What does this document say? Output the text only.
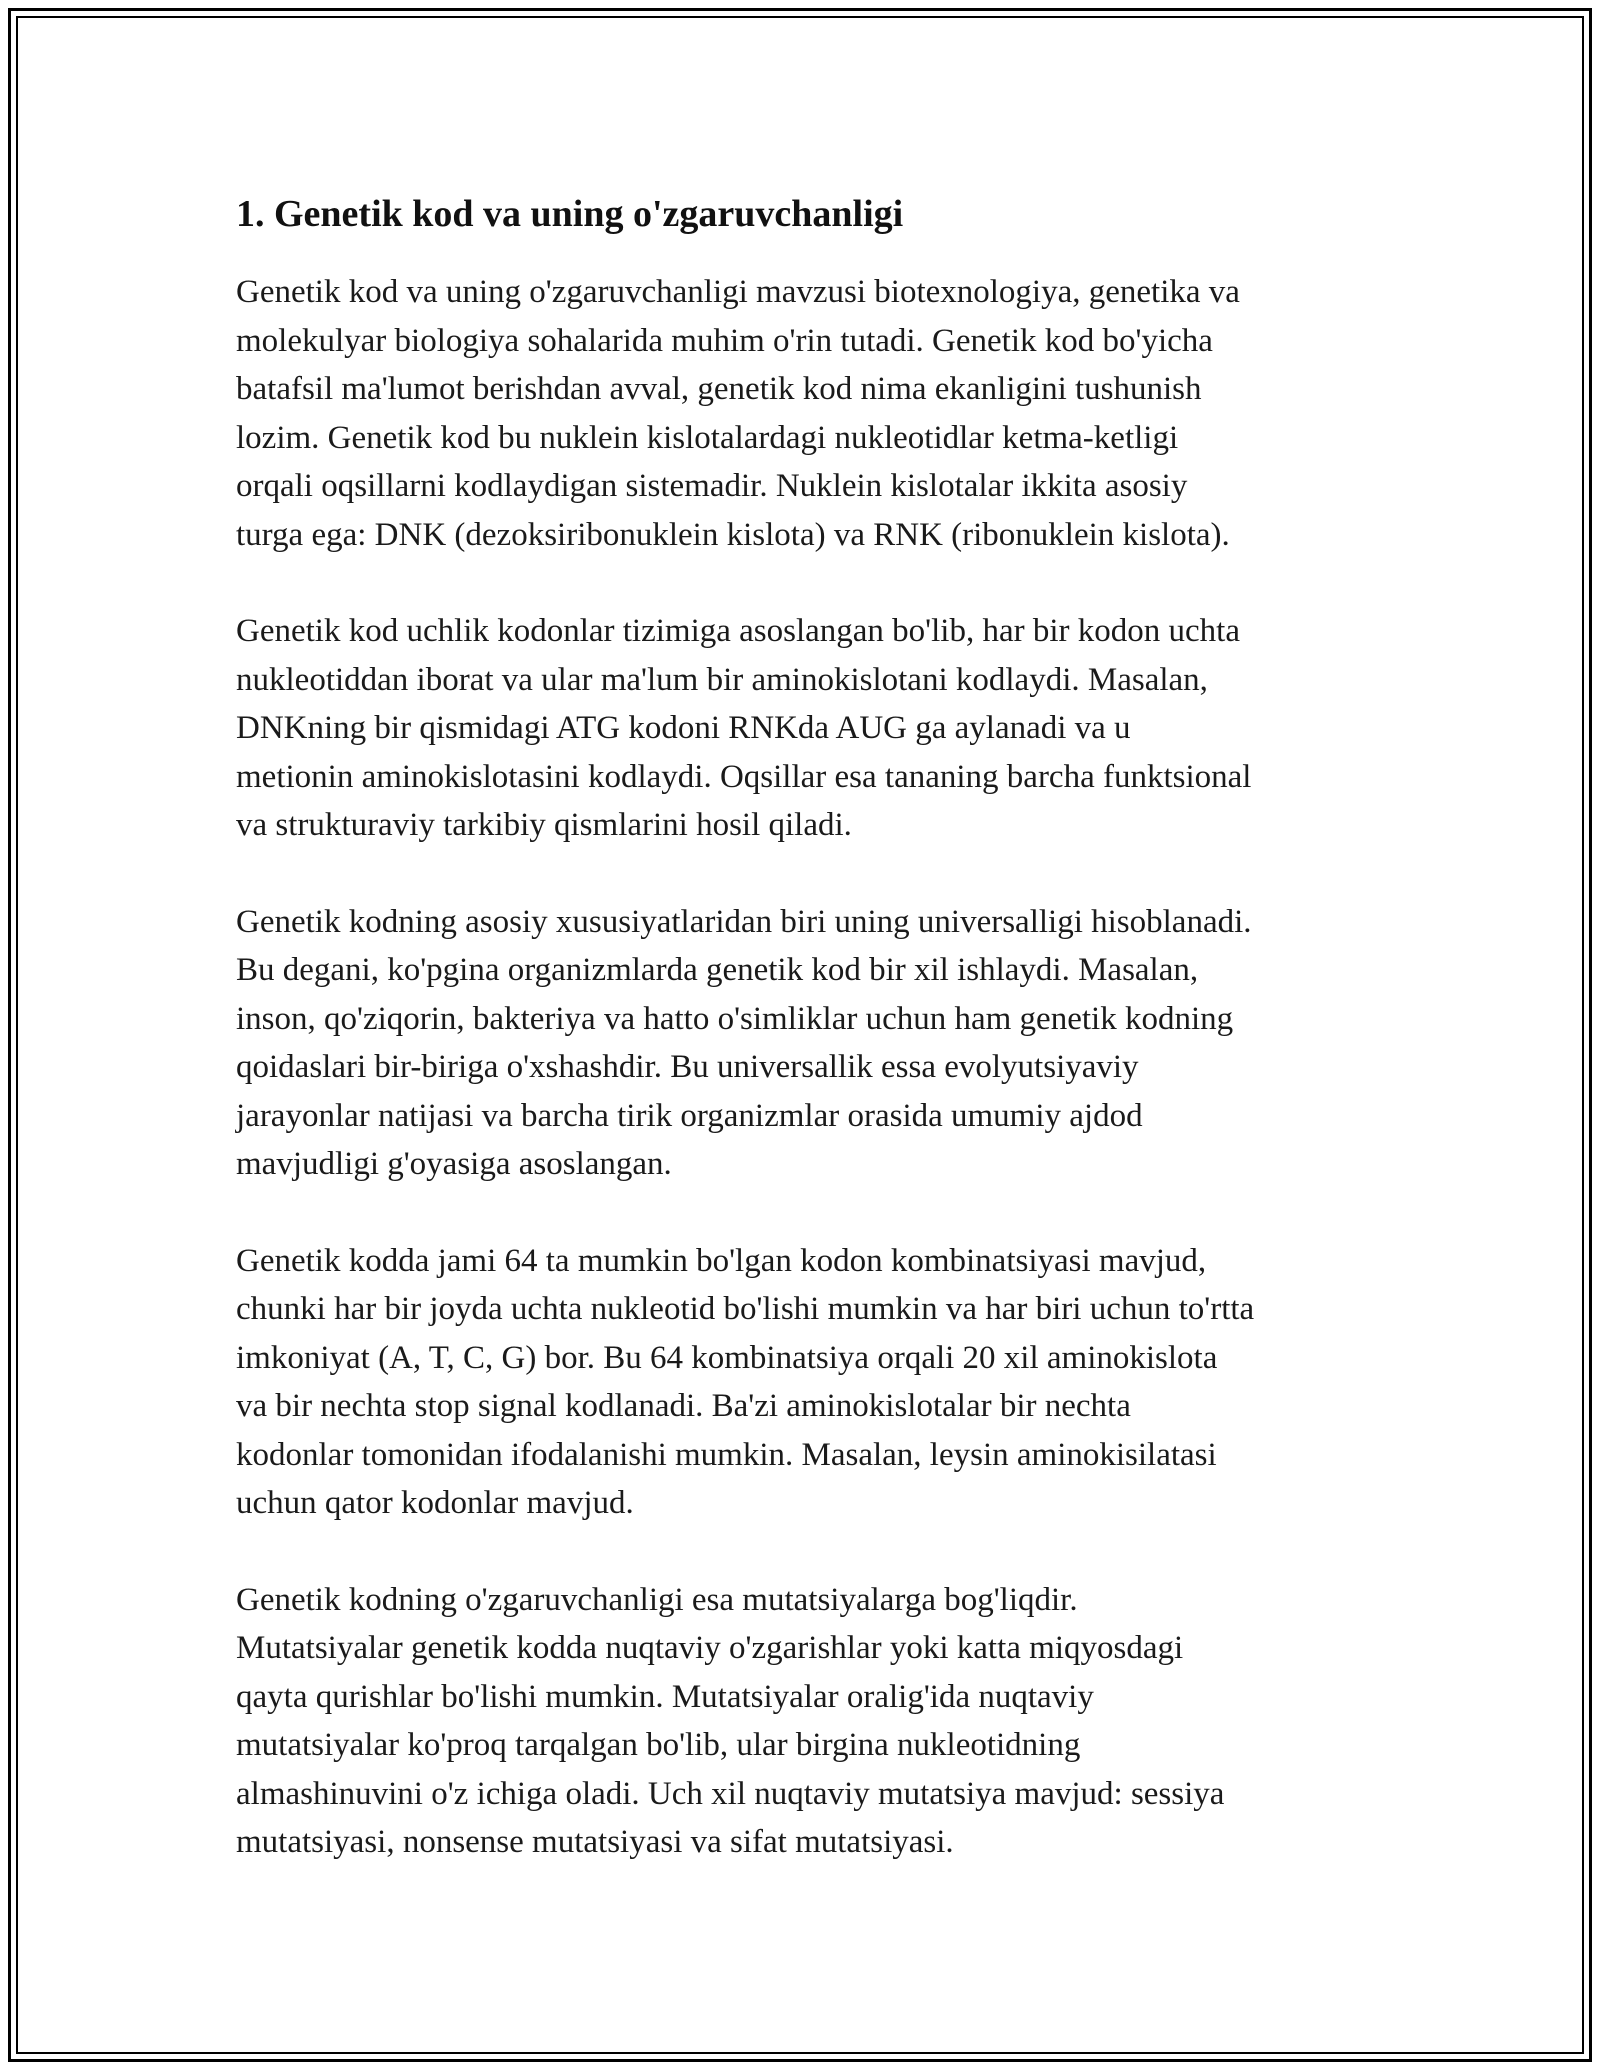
1. Genetik kod va uning o'zgaruvchanligi

Genetik kod va uning o'zgaruvchanligi mavzusi biotexnologiya, genetika va
molekulyar biologiya sohalarida muhim o'rin tutadi. Genetik kod bo'yicha
batafsil ma'lumot berishdan avval, genetik kod nima ekanligini tushunish
lozim. Genetik kod bu nuklein kislotalardagi nukleotidlar ketma-ketligi
orqali oqsillarni kodlaydigan sistemadir. Nuklein kislotalar ikkita asosiy
turga ega: DNK (dezoksiribonuklein kislota) va RNK (ribonuklein kislota).

Genetik kod uchlik kodonlar tizimiga asoslangan bo'lib, har bir kodon uchta
nukleotiddan iborat va ular ma'lum bir aminokislotani kodlaydi. Masalan,
DNKning bir qismidagi ATG kodoni RNKda AUG ga aylanadi va u
metionin aminokislotasini kodlaydi. Oqsillar esa tananing barcha funktsional
va strukturaviy tarkibiy qismlarini hosil qiladi.

Genetik kodning asosiy xususiyatlaridan biri uning universalligi hisoblanadi.
Bu degani, ko'pgina organizmlarda genetik kod bir xil ishlaydi. Masalan,
inson, qo'ziqorin, bakteriya va hatto o'simliklar uchun ham genetik kodning
qoidaslari bir-biriga o'xshashdir. Bu universallik essa evolyutsiyaviy
jarayonlar natijasi va barcha tirik organizmlar orasida umumiy ajdod
mavjudligi g'oyasiga asoslangan.

Genetik kodda jami 64 ta mumkin bo'lgan kodon kombinatsiyasi mavjud,
chunki har bir joyda uchta nukleotid bo'lishi mumkin va har biri uchun to'rtta
imkoniyat (A, T, C, G) bor. Bu 64 kombinatsiya orqali 20 xil aminokislota
va bir nechta stop signal kodlanadi. Ba'zi aminokislotalar bir nechta
kodonlar tomonidan ifodalanishi mumkin. Masalan, leysin aminokisilatasi
uchun qator kodonlar mavjud.

Genetik kodning o'zgaruvchanligi esa mutatsiyalarga bog'liqdir.
Mutatsiyalar genetik kodda nuqtaviy o'zgarishlar yoki katta miqyosdagi
qayta qurishlar bo'lishi mumkin. Mutatsiyalar oralig'ida nuqtaviy
mutatsiyalar ko'proq tarqalgan bo'lib, ular birgina nukleotidning
almashinuvini o'z ichiga oladi. Uch xil nuqtaviy mutatsiya mavjud: sessiya
mutatsiyasi, nonsense mutatsiyasi va sifat mutatsiyasi.
